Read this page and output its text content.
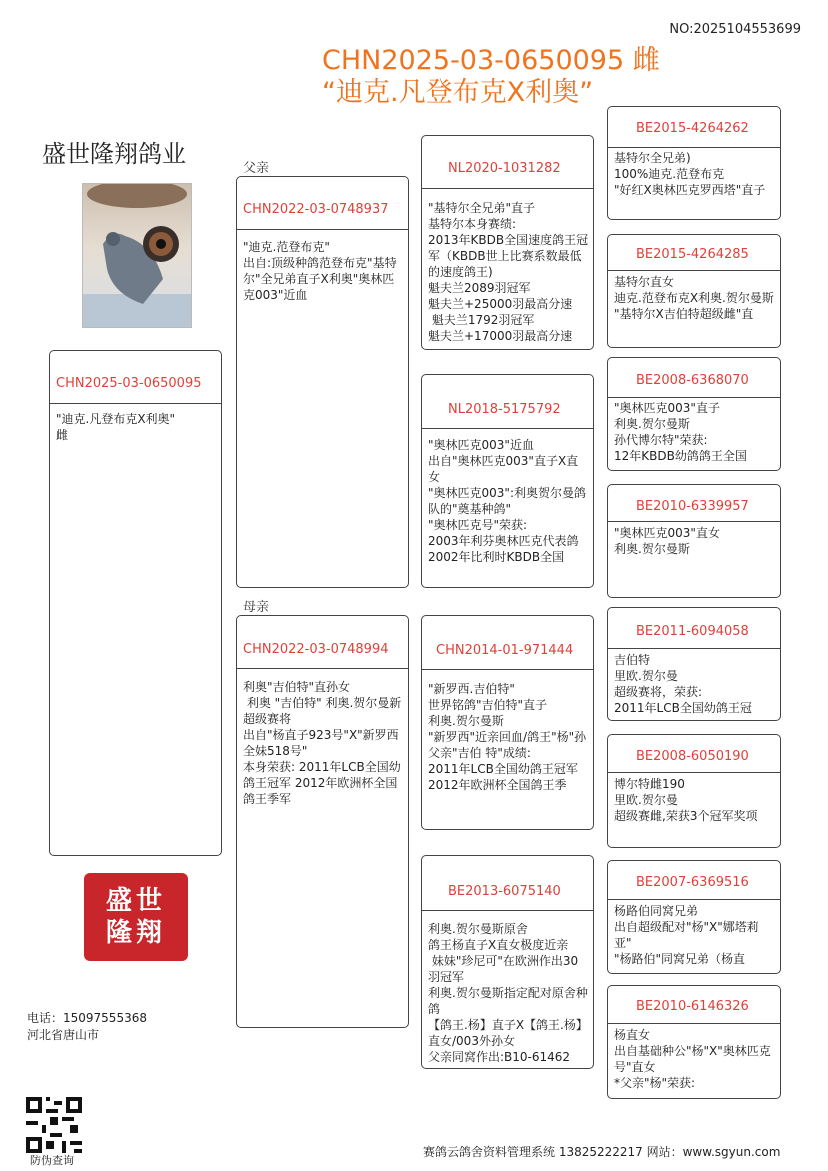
NO:2025104553699
CHN2025-03-0650095 雌
“迪克.凡登布克X利奥”
盛世隆翔鸽业
父亲
母亲
CHN2025-03-0650095
"迪克.凡登布克X利奥"
雌
CHN2022-03-0748937
"迪克.范登布克"
出自:顶级种鸽范登布克"基特尔"全兄弟直子X利奥"奥林匹克003"近血
CHN2022-03-0748994
利奥"吉伯特"直孙女
利奥 "吉伯特" 利奥.贺尔曼新超级赛将
出自"杨直子923号"X"新罗西全妹518号"
本身荣获: 2011年LCB全国幼鸽王冠军 2012年欧洲杯全国鸽王季军
NL2020-1031282
"基特尔全兄弟"直子
基特尔本身赛绩:
2013年KBDB全国速度鸽王冠军（KBDB世上比赛系数最低的速度鸽王)
魁夫兰2089羽冠军
魁夫兰+25000羽最高分速
魁夫兰1792羽冠军
魁夫兰+17000羽最高分速
NL2018-5175792
"奥林匹克003"近血
出自"奥林匹克003"直子X直女
"奥林匹克003":利奥贺尔曼鸽队的"奠基种鸽"
"奥林匹克号"荣获:
2003年利芬奥林匹克代表鸽
2002年比利时KBDB全国
CHN2014-01-971444
"新罗西.吉伯特"
世界铭鸽"吉伯特"直子
利奥.贺尔曼斯
"新罗西"近亲回血/鸽王"杨"孙
父亲"吉伯 特"成绩:
2011年LCB全国幼鸽王冠军
2012年欧洲杯全国鸽王季
BE2013-6075140
利奥.贺尔曼斯原舍
鸽王杨直子X直女极度近亲
妹妹"珍尼可"在欧洲作出30羽冠军
利奥.贺尔曼斯指定配对原舍种鸽
【鸽王.杨】直子X【鸽王.杨】直女/003外孙女
父亲同窝作出:B10-61462
BE2015-4264262
基特尔全兄弟)
100%迪克.范登布克
"好红X奥林匹克罗西塔"直子
BE2015-4264285
基特尔直女
迪克.范登布克X利奥.贺尔曼斯
"基特尔X吉伯特超级雌"直
BE2008-6368070
"奥林匹克003"直子
利奥.贺尔曼斯
孙代博尔特"荣获:
12年KBDB幼鸽鸽王全国
BE2010-6339957
"奥林匹克003"直女
利奥.贺尔曼斯
BE2011-6094058
吉伯特
里欧.贺尔曼
超级赛将，荣获:
2011年LCB全国幼鸽王冠
BE2008-6050190
博尔特雌190
里欧.贺尔曼
超级赛雌,荣获3个冠军奖项
BE2007-6369516
杨路伯同窝兄弟
出自超级配对"杨"X"娜塔莉亚"
"杨路伯"同窝兄弟（杨直
BE2010-6146326
杨直女
出自基础种公"杨"X"奥林匹克号"直女
*父亲"杨"荣获:
盛世隆翔
电话：15097555368
河北省唐山市
防伪查询
赛鸽云鸽舍资料管理系统 13825222217 网站：www.sgyun.com
